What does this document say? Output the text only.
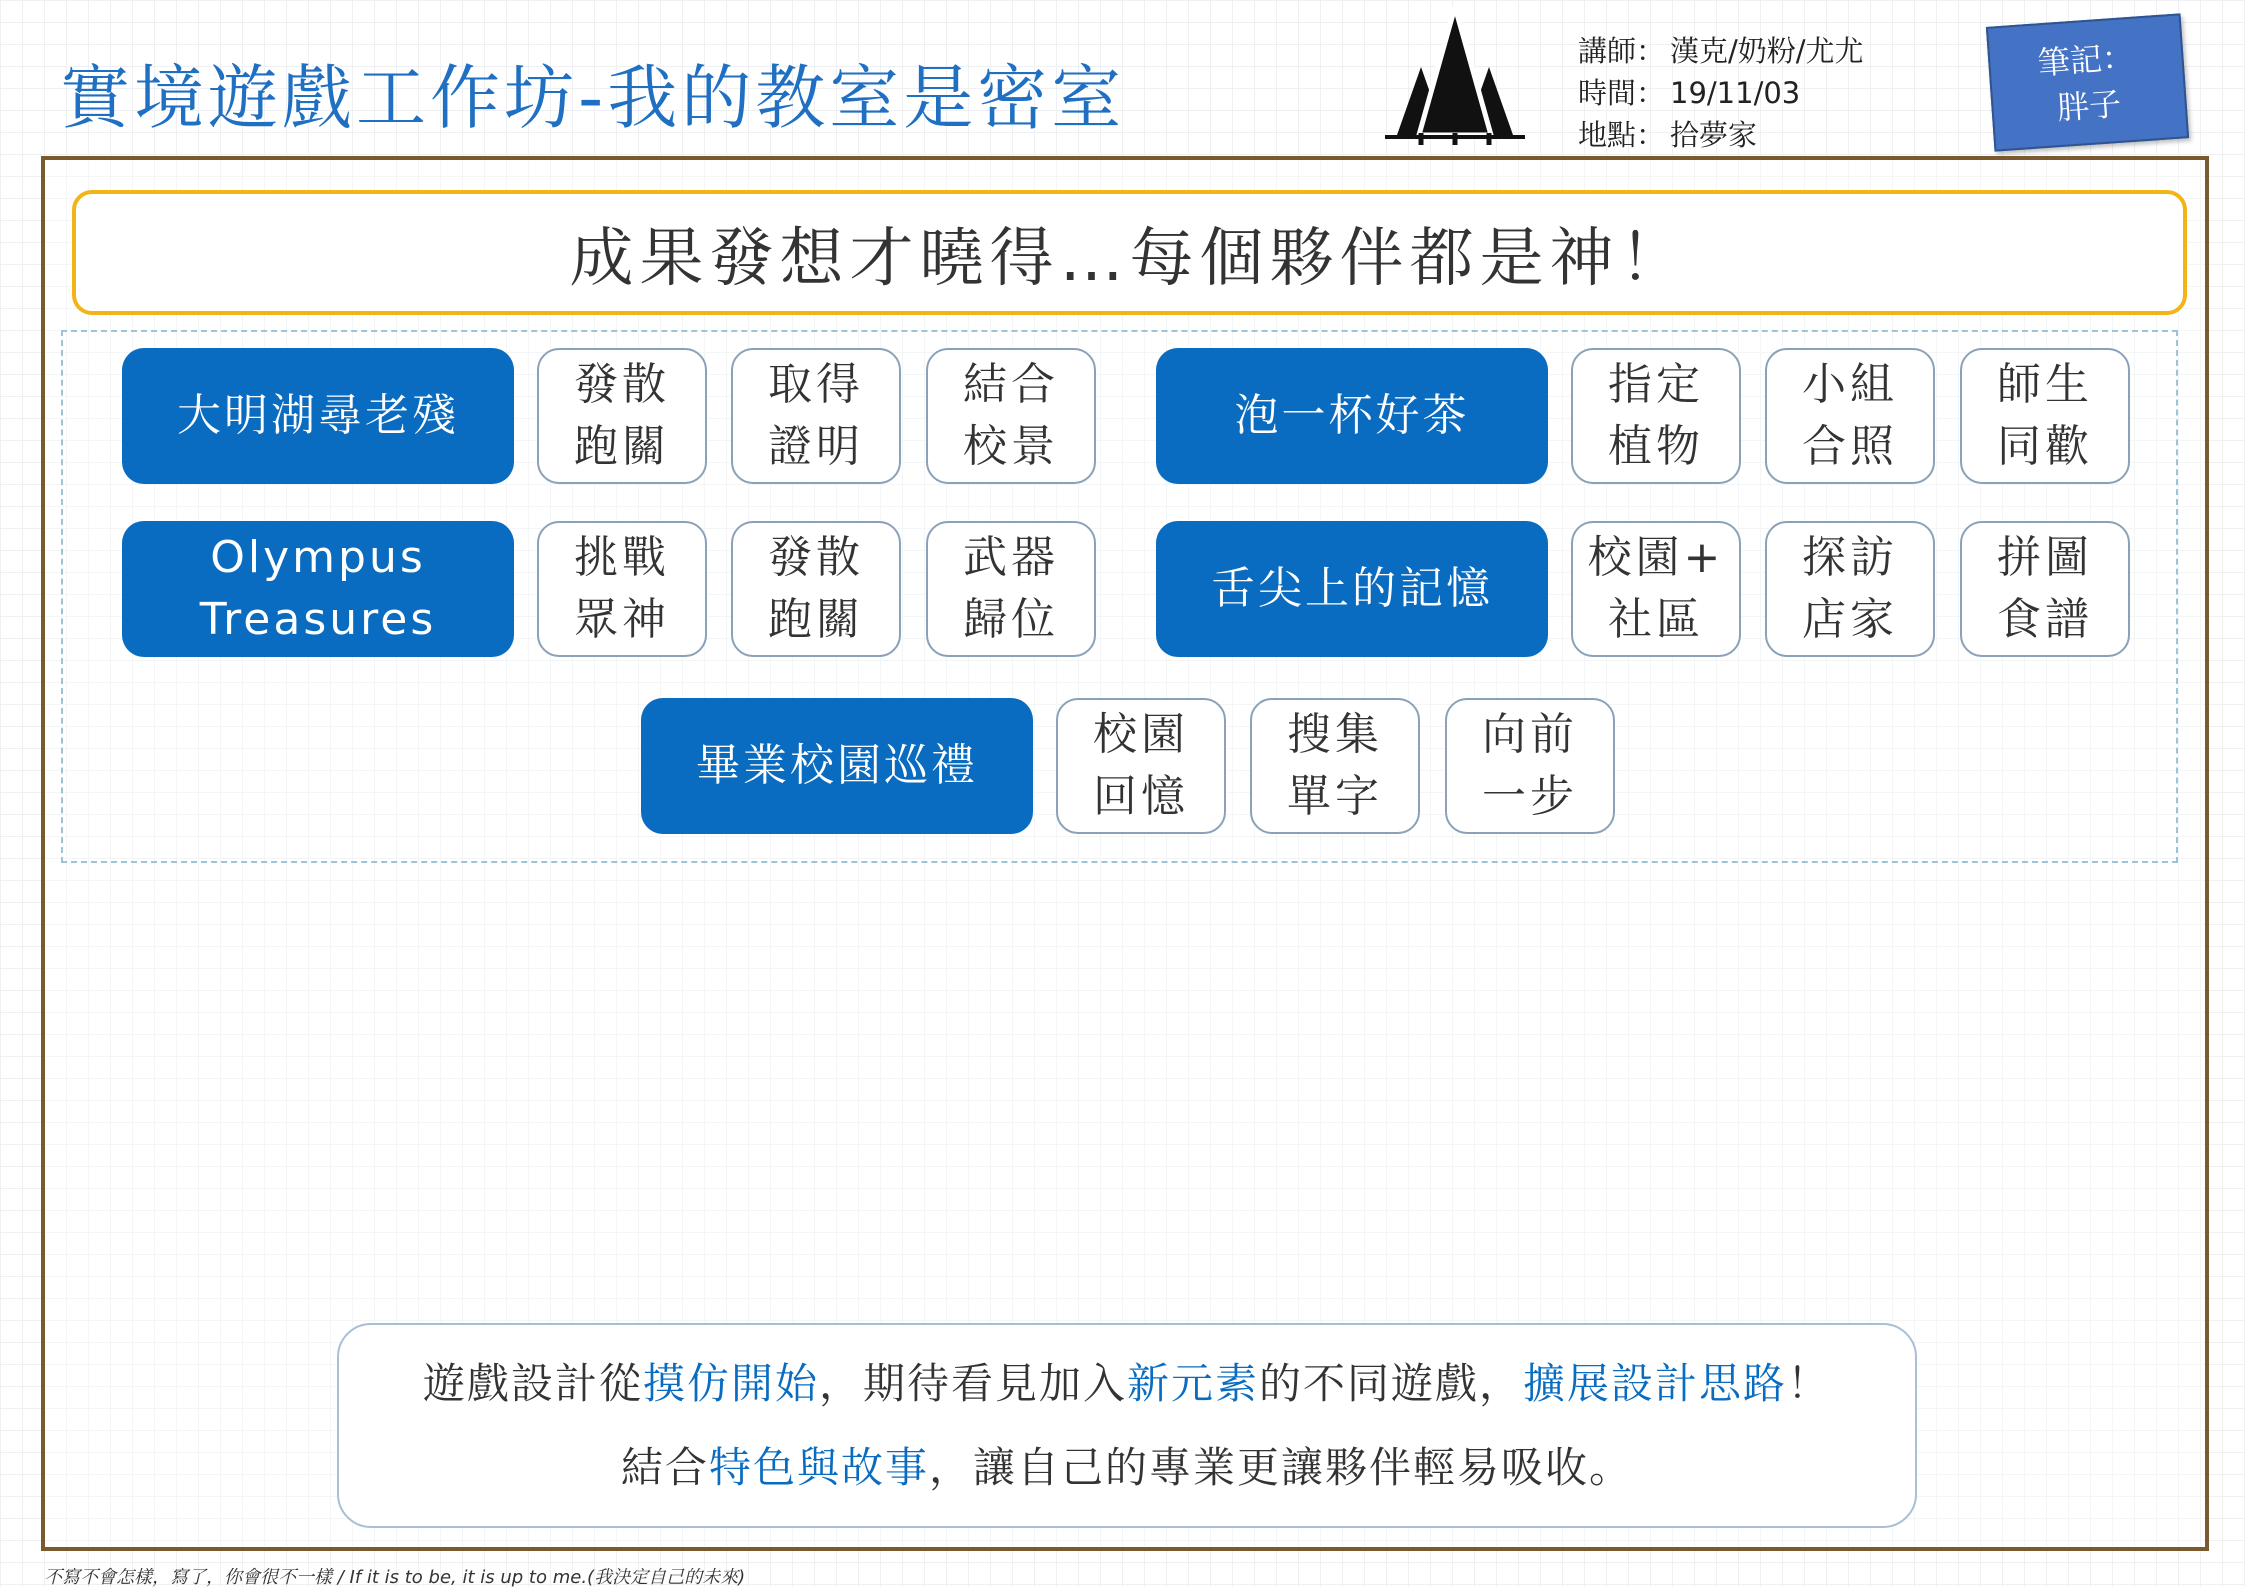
實境遊戲工作坊-我的教室是密室
講師： 漢克/奶粉/尤尤
時間： 19/11/03
地點： 拾夢家
筆記：
胖子
成果發想才曉得…每個夥伴都是神！
大明湖尋老殘
發散
跑關
取得
證明
結合
校景
泡一杯好茶
指定
植物
小組
合照
師生
同歡
Olympus
Treasures
挑戰
眾神
發散
跑關
武器
歸位
舌尖上的記憶
校園+
社區
探訪
店家
拼圖
食譜
畢業校園巡禮
校園
回憶
搜集
單字
向前
一步
遊戲設計從摸仿開始，期待看見加入新元素的不同遊戲，擴展設計思路！
結合特色與故事，讓自己的專業更讓夥伴輕易吸收。
不寫不會怎樣，寫了，你會很不一樣 / If it is to be, it is up to me.(我決定自己的未來)
